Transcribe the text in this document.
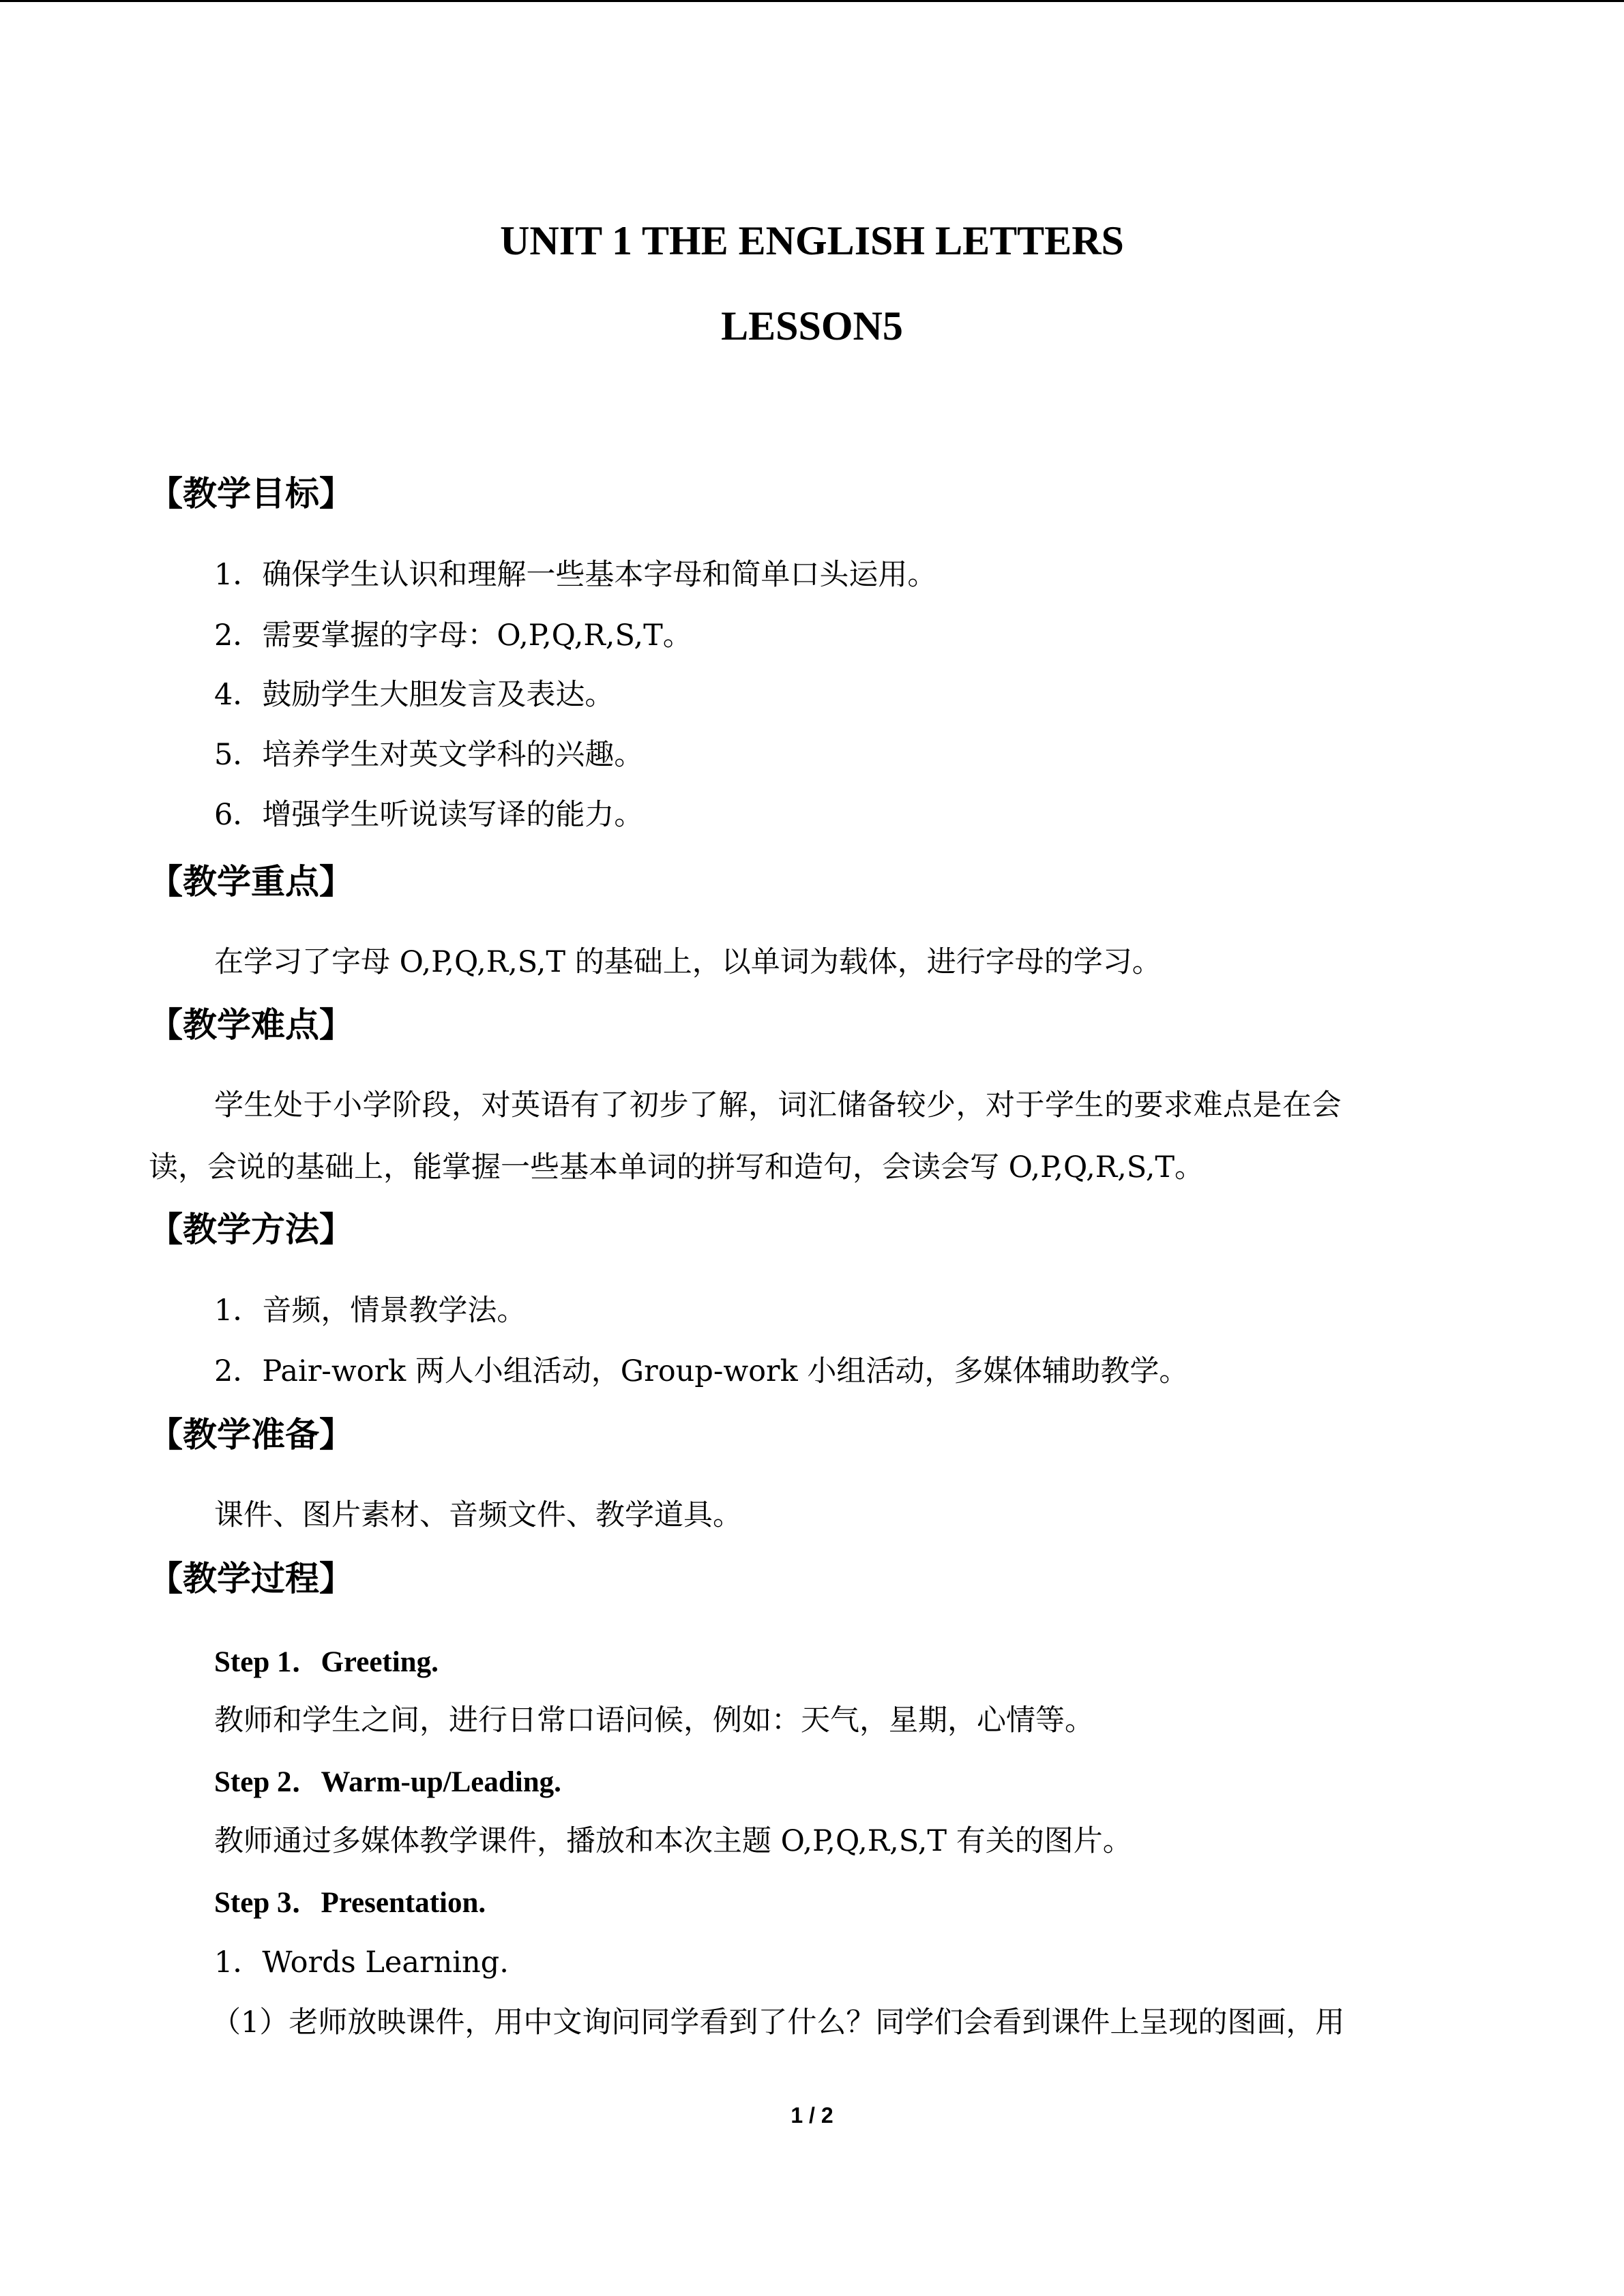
UNIT 1 THE ENGLISH LETTERS
LESSON5
【教学目标】
1．确保学生认识和理解一些基本字母和简单口头运用。
2．需要掌握的字母：O,P,Q,R,S,T。
4．鼓励学生大胆发言及表达。
5．培养学生对英文学科的兴趣。
6．增强学生听说读写译的能力。
【教学重点】
在学习了字母 O,P,Q,R,S,T 的基础上，以单词为载体，进行字母的学习。
【教学难点】
学生处于小学阶段，对英语有了初步了解，词汇储备较少，对于学生的要求难点是在会
读，会说的基础上，能掌握一些基本单词的拼写和造句，会读会写 O,P,Q,R,S,T。
【教学方法】
1．音频，情景教学法。
2．Pair-work 两人小组活动，Group-work 小组活动，多媒体辅助教学。
【教学准备】
课件、图片素材、音频文件、教学道具。
【教学过程】
Step 1．Greeting.
教师和学生之间，进行日常口语问候，例如：天气，星期，心情等。
Step 2．Warm-up/Leading.
教师通过多媒体教学课件，播放和本次主题 O,P,Q,R,S,T 有关的图片。
Step 3．Presentation.
1．Words Learning.
（1）老师放映课件，用中文询问同学看到了什么？同学们会看到课件上呈现的图画，用
1 / 2
